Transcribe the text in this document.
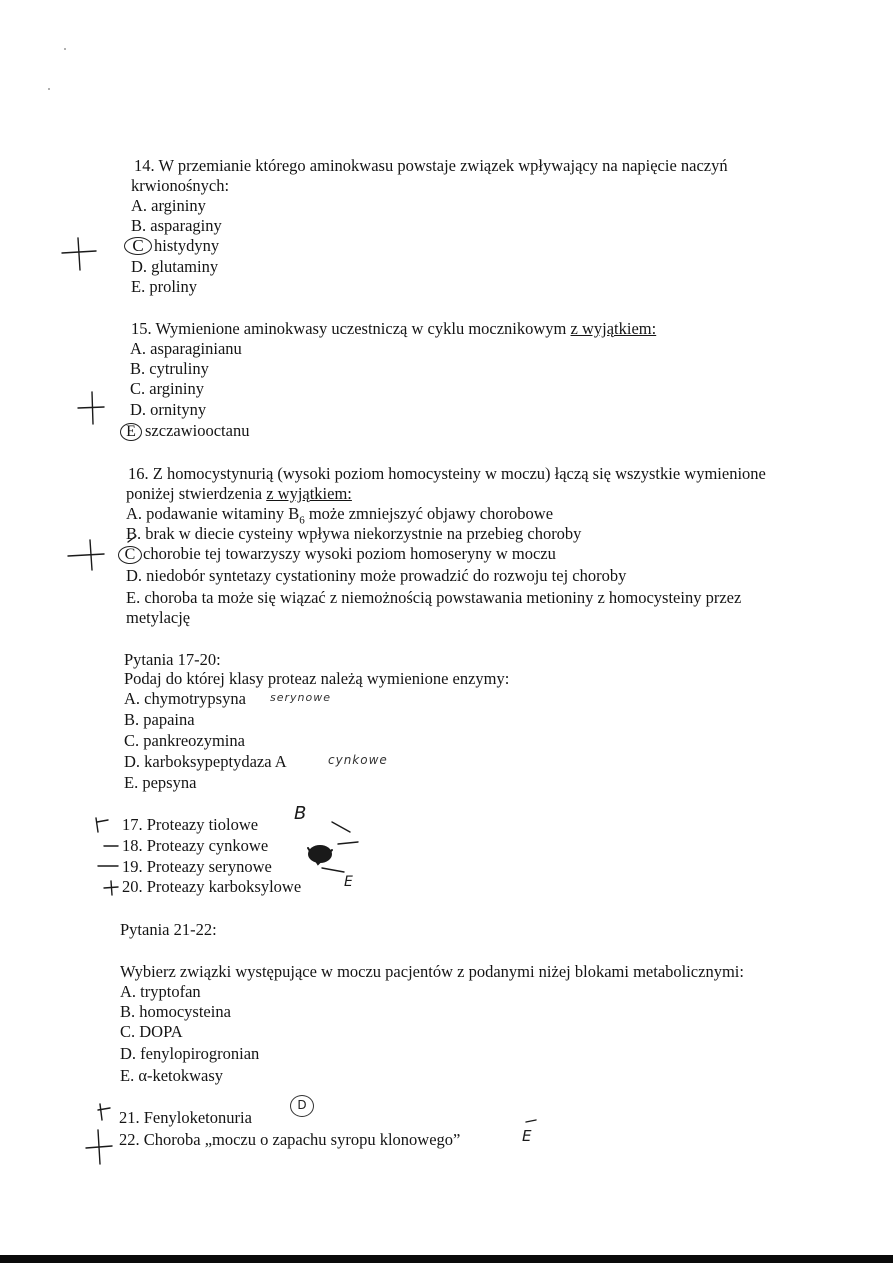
14. W przemianie którego aminokwasu powstaje związek wpływający na napięcie naczyń
krwionośnych:
A. argininy
B. asparaginy
C histydyny
D. glutaminy
E. proliny
15. Wymienione aminokwasy uczestniczą w cyklu mocznikowym z wyjątkiem:
A. asparaginianu
B. cytruliny
C. argininy
D. ornityny
E szczawiooctanu
16. Z homocystynurią (wysoki poziom homocysteiny w moczu) łączą się wszystkie wymienione
poniżej stwierdzenia z wyjątkiem:
A. podawanie witaminy $B_6$ może zmniejszyć objawy chorobowe
B. brak w diecie cysteiny wpływa niekorzystnie na przebieg choroby
C chorobie tej towarzyszy wysoki poziom homoseryny w moczu
D. niedobór syntetazy cystationiny może prowadzić do rozwoju tej choroby
E. choroba ta może się wiązać z niemożnością powstawania metioniny z homocysteiny przez
metylację
Pytania 17-20:
Podaj do której klasy proteaz należą wymienione enzymy:
A. chymotrypsyna
B. papaina
C. pankreozymina
D. karboksypeptydaza A
E. pepsyna
17. Proteazy tiolowe
18. Proteazy cynkowe
19. Proteazy serynowe
20. Proteazy karboksylowe
Pytania 21-22:
Wybierz związki występujące w moczu pacjentów z podanymi niżej blokami metabolicznymi:
A. tryptofan
B. homocysteina
C. DOPA
D. fenylopirogronian
E. α-ketokwasy
21. Fenyloketonuria
22. Choroba „moczu o zapachu syropu klonowego”
serynowe
cynkowe
B
E
D
E
